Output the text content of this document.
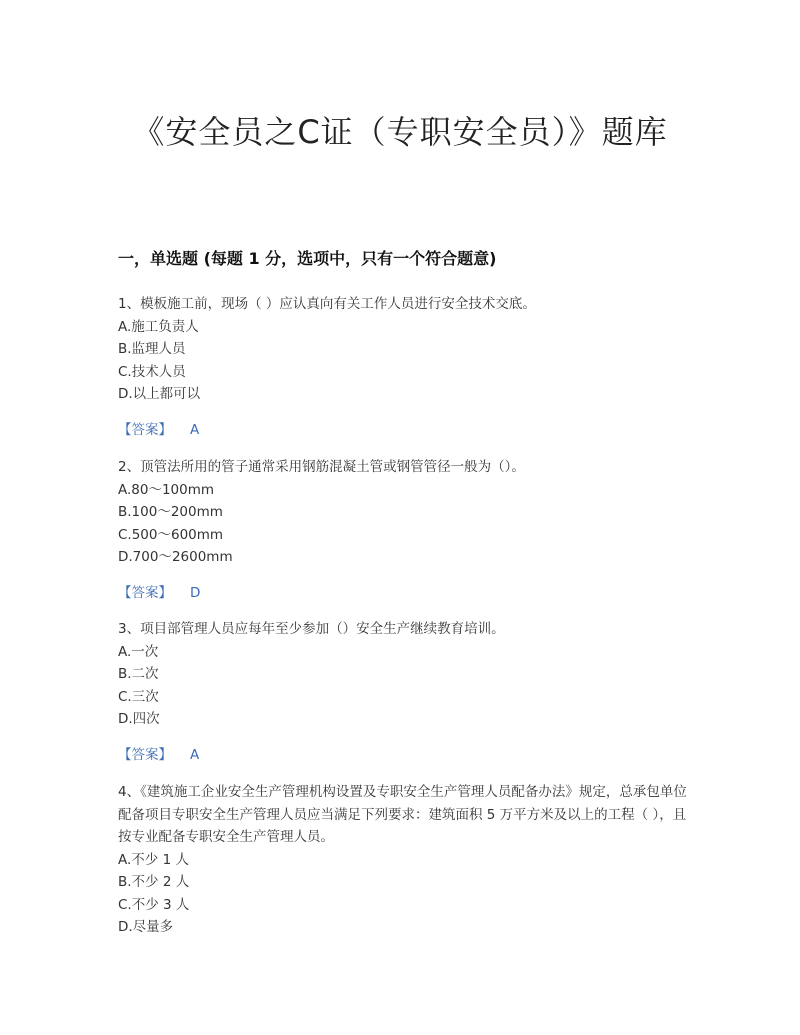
《安全员之C证（专职安全员）》题库
一，单选题 (每题 1 分，选项中，只有一个符合题意)

1、模板施工前，现场（ ）应认真向有关工作人员进行安全技术交底。

A.施工负责人

B.监理人员

C.技术人员

D.以上都可以

【答案】 A

2、顶管法所用的管子通常采用钢筋混凝土管或钢管管径一般为（）。

A.80～100mm

B.100～200mm

C.500～600mm

D.700～2600mm

【答案】 D

3、项目部管理人员应每年至少参加（）安全生产继续教育培训。

A.一次

B.二次

C.三次

D.四次

【答案】 A

4、《建筑施工企业安全生产管理机构设置及专职安全生产管理人员配备办法》规定，总承包单位配备项目专职安全生产管理人员应当满足下列要求：建筑面积 5 万平方米及以上的工程（ ），且按专业配备专职安全生产管理人员。

A.不少 1 人

B.不少 2 人

C.不少 3 人

D.尽量多
